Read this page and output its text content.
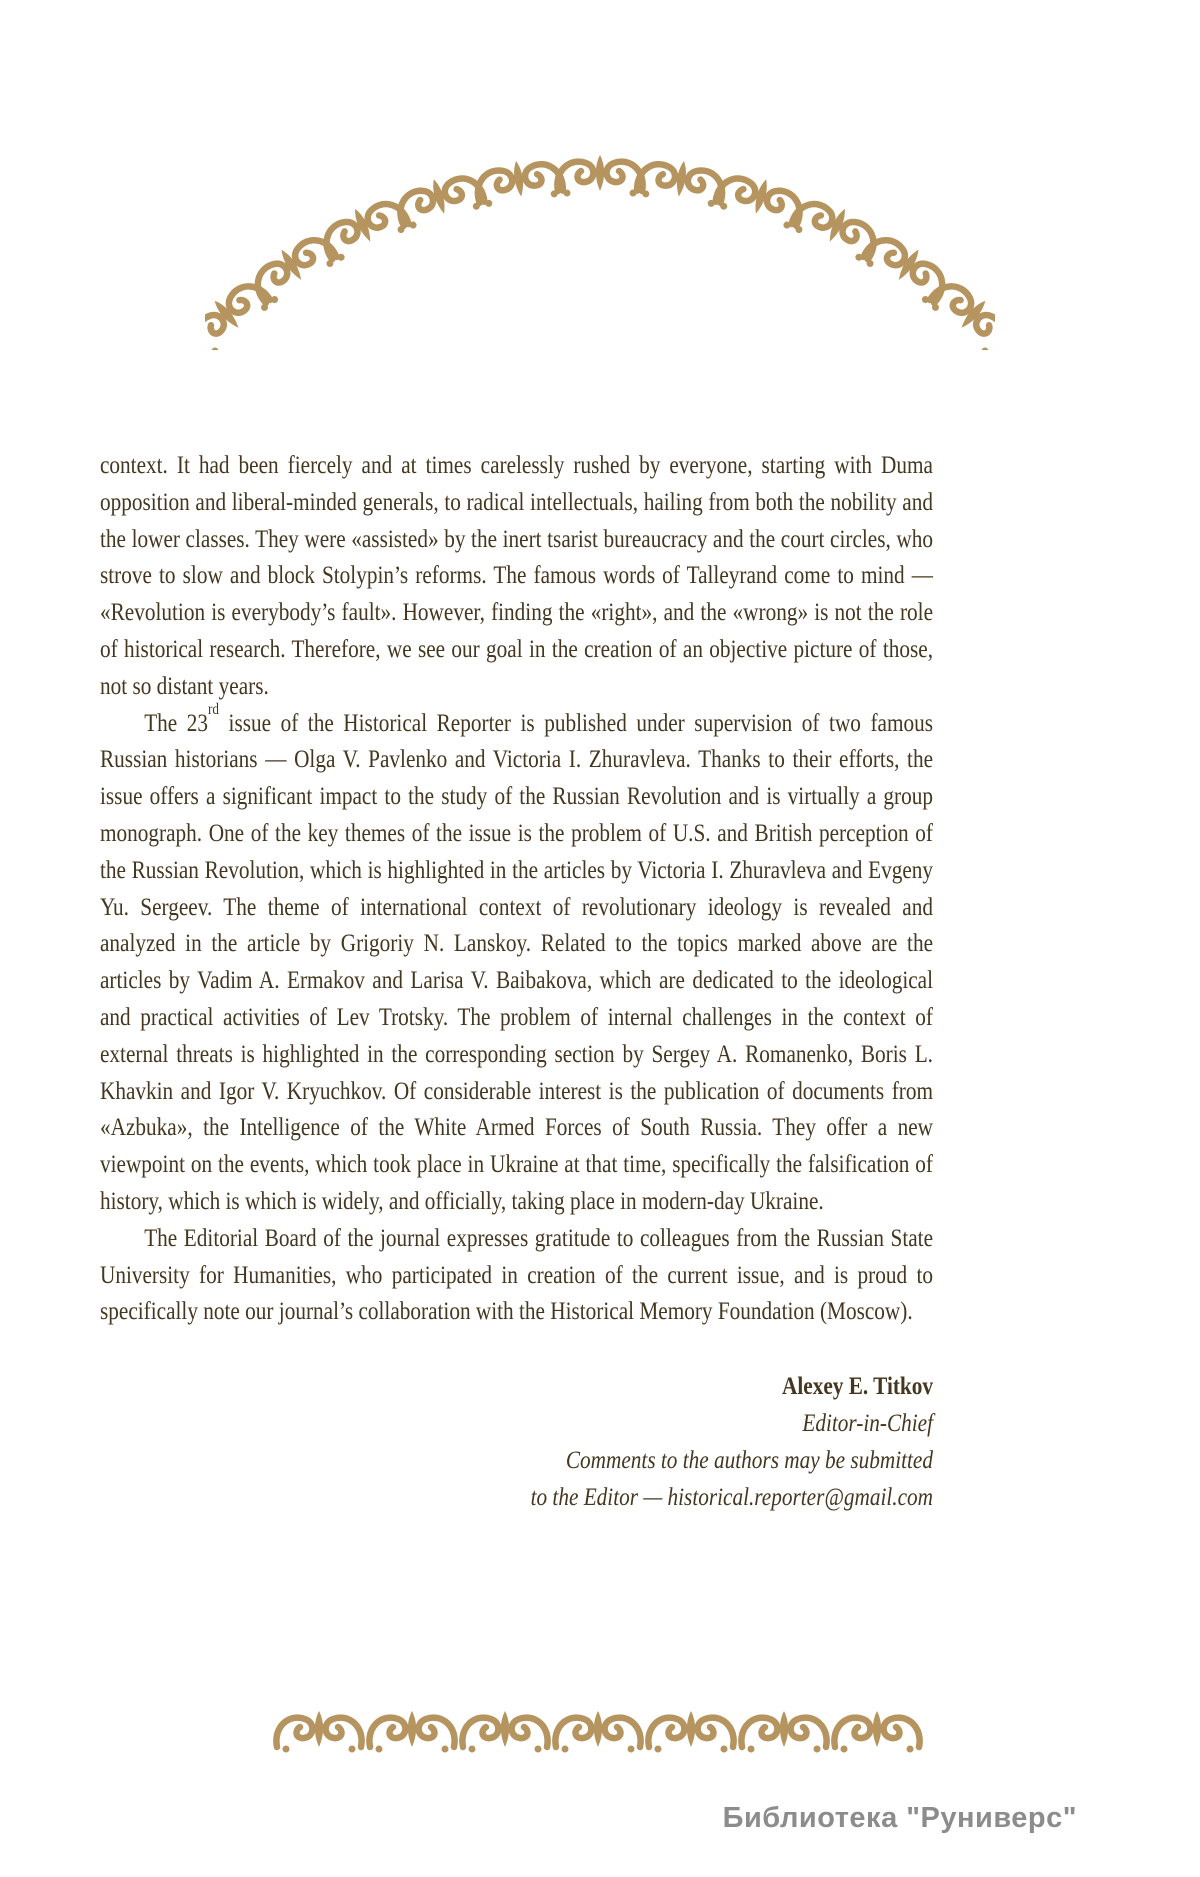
context. It had been fiercely and at times carelessly rushed by everyone, starting with Duma opposition and liberal-minded generals, to radical intellectuals, hailing from both the nobility and the lower classes. They were «assisted» by the inert tsarist bureaucracy and the court circles, who strove to slow and block Stolypin’s reforms. The famous words of Talleyrand come to mind — «Revolution is everybody’s fault». However, finding the «right», and the «wrong» is not the role of historical research. Therefore, we see our goal in the creation of an objective picture of those, not so distant years.

The 23rd issue of the Historical Reporter is published under supervision of two famous Russian historians — Olga V. Pavlenko and Victoria I. Zhuravleva. Thanks to their efforts, the issue offers a significant impact to the study of the Russian Revolution and is virtually a group monograph. One of the key themes of the issue is the problem of U.S. and British perception of the Russian Revolution, which is highlighted in the articles by Victoria I. Zhuravleva and Evgeny Yu. Sergeev. The theme of international context of revolutionary ideology is revealed and analyzed in the article by Grigoriy N. Lanskoy. Related to the topics marked above are the articles by Vadim A. Ermakov and Larisa V. Baibakova, which are dedicated to the ideological and practical activities of Lev Trotsky. The problem of internal challenges in the context of external threats is highlighted in the corresponding section by Sergey A. Romanenko, Boris L. Khavkin and Igor V. Kryuchkov. Of considerable interest is the publication of documents from «Azbuka», the Intelligence of the White Armed Forces of South Russia. They offer a new viewpoint on the events, which took place in Ukraine at that time, specifically the falsification of history, which is which is widely, and officially, taking place in modern-day Ukraine.

The Editorial Board of the journal expresses gratitude to colleagues from the Russian State University for Humanities, who participated in creation of the current issue, and is proud to specifically note our journal’s collaboration with the Historical Memory Foundation (Moscow).

Alexey E. Titkov
Editor-in-Chief
Comments to the authors may be submitted
to the Editor — historical.reporter@gmail.com
Библиотека "Руниверс"
